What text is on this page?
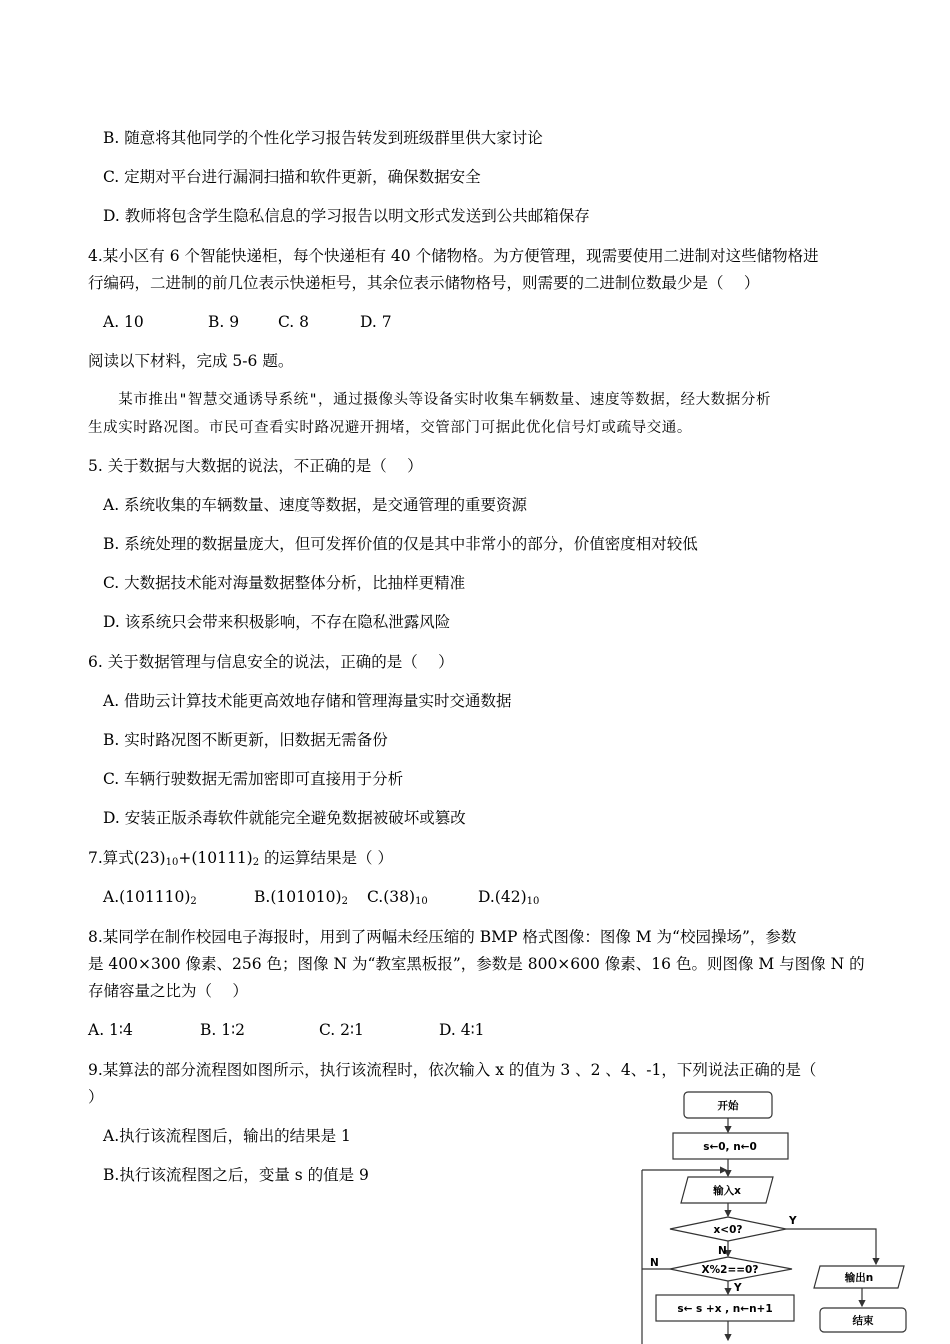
B. 随意将其他同学的个性化学习报告转发到班级群里供大家讨论
C. 定期对平台进行漏洞扫描和软件更新，确保数据安全
D. 教师将包含学生隐私信息的学习报告以明文形式发送到公共邮箱保存
4.某小区有 6 个智能快递柜，每个快递柜有 40 个储物格。为方便管理，现需要使用二进制对这些储物格进
行编码，二进制的前几位表示快递柜号，其余位表示储物格号，则需要的二进制位数最少是（　 ）
A. 10	B. 9	C. 8	D. 7
阅读以下材料，完成 5-6 题。
　　某市推出"智慧交通诱导系统"，通过摄像头等设备实时收集车辆数量、速度等数据，经大数据分析
生成实时路况图。市民可查看实时路况避开拥堵，交管部门可据此优化信号灯或疏导交通。
5. 关于数据与大数据的说法，不正确的是（　 ）
A. 系统收集的车辆数量、速度等数据，是交通管理的重要资源
B. 系统处理的数据量庞大，但可发挥价值的仅是其中非常小的部分，价值密度相对较低
C. 大数据技术能对海量数据整体分析，比抽样更精准
D. 该系统只会带来积极影响，不存在隐私泄露风险
6. 关于数据管理与信息安全的说法，正确的是（　 ）
A. 借助云计算技术能更高效地存储和管理海量实时交通数据
B. 实时路况图不断更新，旧数据无需备份
C. 车辆行驶数据无需加密即可直接用于分析
D. 安装正版杀毒软件就能完全避免数据被破坏或篡改
7.算式$(23)_{10}+(10111)_2$ 的运算结果是（ ）
$A.(101110)_2$	$B.(101010)_2$ $C.(38)_{10}$	$D.(42)_{10}$
8.某同学在制作校园电子海报时，用到了两幅未经压缩的 BMP 格式图像：图像 M 为“校园操场”，参数
是 400×300 像素、256 色；图像 N 为“教室黑板报”，参数是 800×600 像素、16 色。则图像 M 与图像 N 的
存储容量之比为（　 ）
A. 1∶4	B. 1∶2	C. 2∶1	D. 4∶1
9.某算法的部分流程图如图所示，执行该流程时，依次输入 x 的值为 3 、2 、4、-1，下列说法正确的是（
）
A.执行该流程图后，输出的结果是 1
B.执行该流程图之后，变量 s 的值是 9
开始
s←0, n←0
输入x
x<0?
X%2==0?
s← s +x , n←n+1
输出n
结束
Y
N
Y
N
